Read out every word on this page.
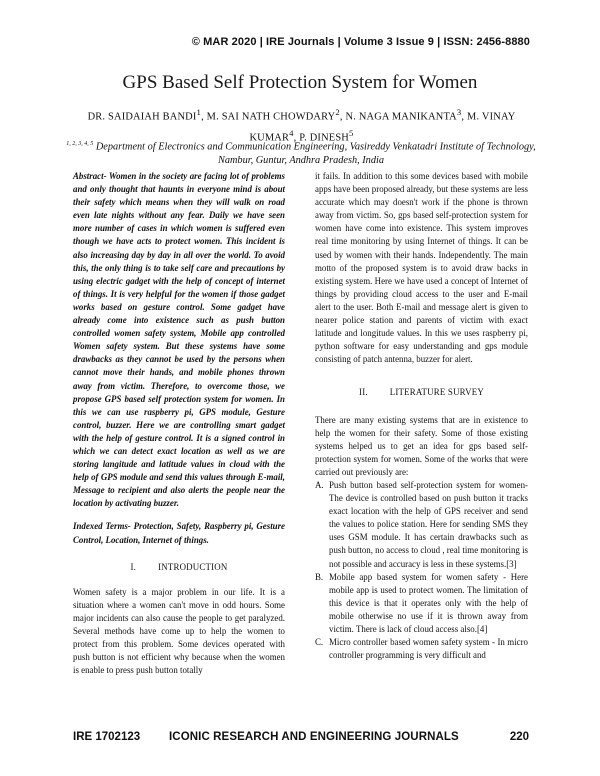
© MAR 2020 | IRE Journals | Volume 3 Issue 9 | ISSN: 2456-8880
GPS Based Self Protection System for Women
DR. SAIDAIAH BANDI$^1$, M. SAI NATH CHOWDARY$^2$, N. NAGA MANIKANTA$^3$, M. VINAY KUMAR$^4$, P. DINESH$^5$
$^{1, 2, 3, 4, 5}$ Department of Electronics and Communication Engineering, Vasireddy Venkatadri Institute of Technology, Nambur, Guntur, Andhra Pradesh, India

Abstract- Women in the society are facing lot of problems and only thought that haunts in everyone mind is about their safety which means when they will walk on road even late nights without any fear. Daily we have seen more number of cases in which women is suffered even though we have acts to protect women. This incident is also increasing day by day in all over the world. To avoid this, the only thing is to take self care and precautions by using electric gadget with the help of concept of internet of things. It is very helpful for the women if those gadget works based on gesture control. Some gadget have already come into existence such as push button controlled women safety system, Mobile app controlled Women safety system. But these systems have some drawbacks as they cannot be used by the persons when cannot move their hands, and mobile phones thrown away from victim. Therefore, to overcome those, we propose GPS based self protection system for women. In this we can use raspberry pi, GPS module, Gesture control, buzzer. Here we are controlling smart gadget with the help of gesture control. It is a signed control in which we can detect exact location as well as we are storing langitude and latitude values in cloud with the help of GPS module and send this values through E-mail, Message to recipient and also alerts the people near the location by activating buzzer.

Indexed Terms- Protection, Safety, Raspberry pi, Gesture Control, Location, Internet of things.

I. INTRODUCTION

Women safety is a major problem in our life. It is a situation where a women can't move in odd hours. Some major incidents can also cause the people to get paralyzed. Several methods have come up to help the women to protect from this problem. Some devices operated with push button is not efficient why because when the women is enable to press push button totally

it fails. In addition to this some devices based with mobile apps have been proposed already, but these systems are less accurate which may doesn't work if the phone is thrown away from victim. So, gps based self-protection system for women have come into existence. This system improves real time monitoring by using Internet of things. It can be used by women with their hands. Independently. The main motto of the proposed system is to avoid draw backs in existing system. Here we have used a concept of Internet of things by providing cloud access to the user and E-mail alert to the user. Both E-mail and message alert is given to nearer police station and parents of victim with exact latitude and longitude values. In this we uses raspberry pi, python software for easy understanding and gps module consisting of patch antenna, buzzer for alert.

II. LITERATURE SURVEY

There are many existing systems that are in existence to help the women for their safety. Some of those existing systems helped us to get an idea for gps based self-protection system for women. Some of the works that were carried out previously are:

A. Push button based self-protection system for women- The device is controlled based on push button it tracks exact location with the help of GPS receiver and send the values to police station. Here for sending SMS they uses GSM module. It has certain drawbacks such as push button, no access to cloud , real time monitoring is not possible and accuracy is less in these systems.[3]
B. Mobile app based system for women safety - Here mobile app is used to protect women. The limitation of this device is that it operates only with the help of mobile otherwise no use if it is thrown away from victim. There is lack of cloud access also.[4]
C. Micro controller based women safety system - In micro controller programming is very difficult and
IRE 1702123	ICONIC RESEARCH AND ENGINEERING JOURNALS	220
